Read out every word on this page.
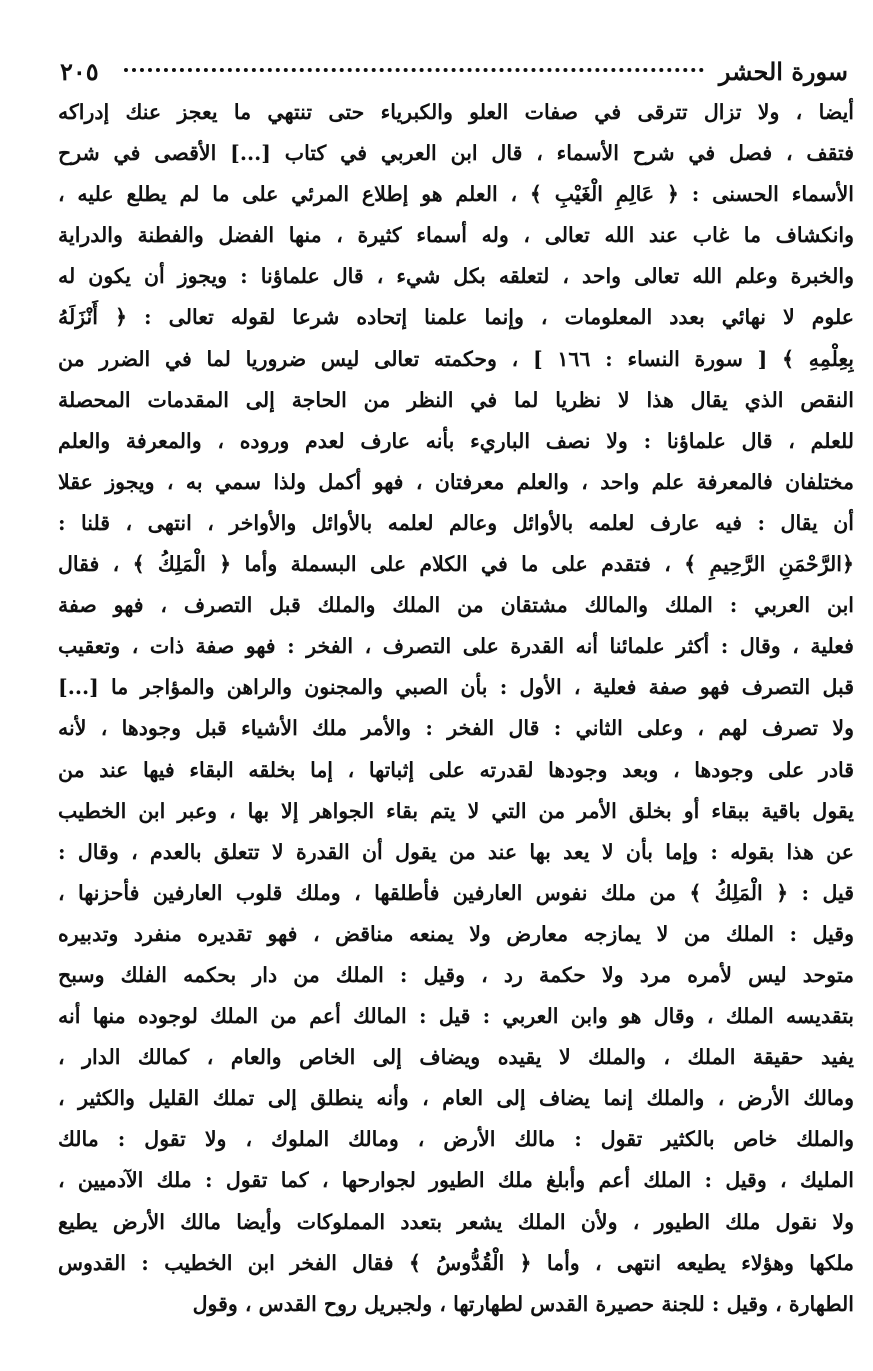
سورة الحشر
٢٠٥
أيضا ، ولا تزال تترقى في صفات العلو والكبرياء حتى تنتهي ما يعجز عنك إدراكه
فتقف ، فصل في شرح الأسماء ، قال ابن العربي في كتاب [...] الأقصى في شرح
الأسماء الحسنى : ﴿ عَالِمِ الْغَيْبِ ﴾ ، العلم هو إطلاع المرئي على ما لم يطلع عليه ،
وانكشاف ما غاب عند الله تعالى ، وله أسماء كثيرة ، منها الفضل والفطنة والدراية
والخبرة وعلم الله تعالى واحد ، لتعلقه بكل شيء ، قال علماؤنا : ويجوز أن يكون له
علوم لا نهائي بعدد المعلومات ، وإنما علمنا إتحاده شرعا لقوله تعالى : ﴿ أَنْزَلَهُ
بِعِلْمِهِ ﴾ [ سورة النساء : ١٦٦ ] ، وحكمته تعالى ليس ضروريا لما في الضرر من
النقص الذي يقال هذا لا نظريا لما في النظر من الحاجة إلى المقدمات المحصلة
للعلم ، قال علماؤنا : ولا نصف الباريء بأنه عارف لعدم وروده ، والمعرفة والعلم
مختلفان فالمعرفة علم واحد ، والعلم معرفتان ، فهو أكمل ولذا سمي به ، ويجوز عقلا
أن يقال : فيه عارف لعلمه بالأوائل وعالم لعلمه بالأوائل والأواخر ، انتهى ، قلنا :
﴿الرَّحْمَنِ الرَّحِيمِ ﴾ ، فتقدم على ما في الكلام على البسملة وأما ﴿ الْمَلِكُ ﴾ ، فقال
ابن العربي : الملك والمالك مشتقان من الملك والملك قبل التصرف ، فهو صفة
فعلية ، وقال : أكثر علمائنا أنه القدرة على التصرف ، الفخر : فهو صفة ذات ، وتعقيب
قبل التصرف فهو صفة فعلية ، الأول : بأن الصبي والمجنون والراهن والمؤاجر ما [...]
ولا تصرف لهم ، وعلى الثاني : قال الفخر : والأمر ملك الأشياء قبل وجودها ، لأنه
قادر على وجودها ، وبعد وجودها لقدرته على إثباتها ، إما بخلقه البقاء فيها عند من
يقول باقية ببقاء أو بخلق الأمر من التي لا يتم بقاء الجواهر إلا بها ، وعبر ابن الخطيب
عن هذا بقوله : وإما بأن لا يعد بها عند من يقول أن القدرة لا تتعلق بالعدم ، وقال :
قيل : ﴿ الْمَلِكُ ﴾ من ملك نفوس العارفين فأطلقها ، وملك قلوب العارفين فأحزنها ،
وقيل : الملك من لا يمازجه معارض ولا يمنعه مناقض ، فهو تقديره منفرد وتدبيره
متوحد ليس لأمره مرد ولا حكمة رد ، وقيل : الملك من دار بحكمه الفلك وسبح
بتقديسه الملك ، وقال هو وابن العربي : قيل : المالك أعم من الملك لوجوده منها أنه
يفيد حقيقة الملك ، والملك لا يقيده ويضاف إلى الخاص والعام ، كمالك الدار ،
ومالك الأرض ، والملك إنما يضاف إلى العام ، وأنه ينطلق إلى تملك القليل والكثير ،
والملك خاص بالكثير تقول : مالك الأرض ، ومالك الملوك ، ولا تقول : مالك
المليك ، وقيل : الملك أعم وأبلغ ملك الطيور لجوارحها ، كما تقول : ملك الآدميين ،
ولا نقول ملك الطيور ، ولأن الملك يشعر بتعدد المملوكات وأيضا مالك الأرض يطيع
ملكها وهؤلاء يطيعه انتهى ، وأما ﴿ الْقُدُّوسُ ﴾ فقال الفخر ابن الخطيب : القدوس
الطهارة ، وقيل : للجنة حصيرة القدس لطهارتها ، ولجبريل روح القدس ، وقول
